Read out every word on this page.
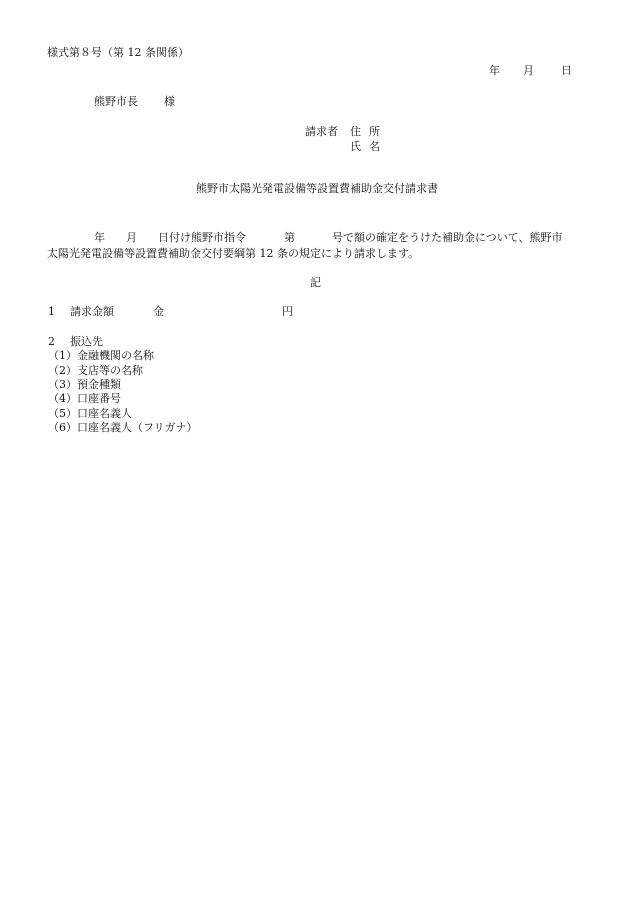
様式第８号（第 12 条関係）
年 月 日
熊野市長 様
請求者 住 所
氏 名
熊野市太陽光発電設備等設置費補助金交付請求書
年 月 日付け熊野市指令	第	号で額の確定をうけた補助金について、熊野市
太陽光発電設備等設置費補助金交付要綱第 12 条の規定により請求します。
記
1 請求金額	金	円
2 振込先
（1）金融機関の名称
（2）支店等の名称
（3）預金種類
（4）口座番号
（5）口座名義人
（6）口座名義人（フリガナ）
